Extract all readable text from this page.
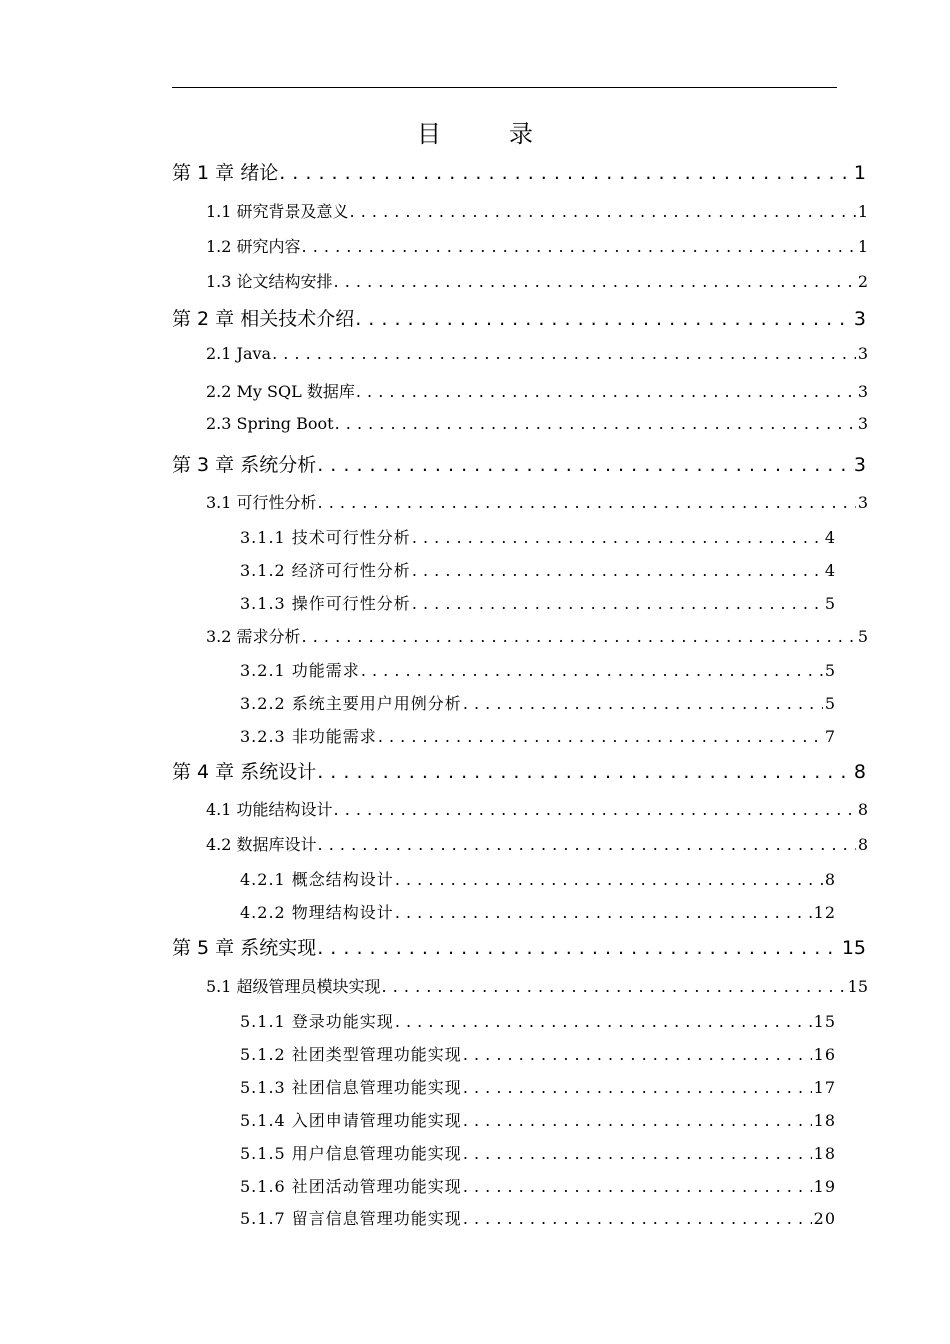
目　录
第 1 章 绪论 . . .	1
1.1 研究背景及意义 . . .	1
1.2 研究内容 . . .	1
1.3 论文结构安排 . . .	2
第 2 章 相关技术介绍 . . .	3
2.1 Java . . .	3
2.2 My SQL 数据库 . . .	3
2.3 Spring Boot . . .	3
第 3 章 系统分析 . . .	3
3.1 可行性分析 . . .	3
3.1.1 技术可行性分析 . . .	4
3.1.2 经济可行性分析 . . .	4
3.1.3 操作可行性分析 . . .	5
3.2 需求分析 . . .	5
3.2.1 功能需求 . . .	5
3.2.2 系统主要用户用例分析 . . .	5
3.2.3 非功能需求 . . .	7
第 4 章 系统设计 . . .	8
4.1 功能结构设计 . . .	8
4.2 数据库设计 . . .	8
4.2.1 概念结构设计 . . .	8
4.2.2 物理结构设计 . . .	12
第 5 章 系统实现 . . .	15
5.1 超级管理员模块实现 . . .	15
5.1.1 登录功能实现 . . .	15
5.1.2 社团类型管理功能实现 . . .	16
5.1.3 社团信息管理功能实现 . . .	17
5.1.4 入团申请管理功能实现 . . .	18
5.1.5 用户信息管理功能实现 . . .	18
5.1.6 社团活动管理功能实现 . . .	19
5.1.7 留言信息管理功能实现 . . .	20
